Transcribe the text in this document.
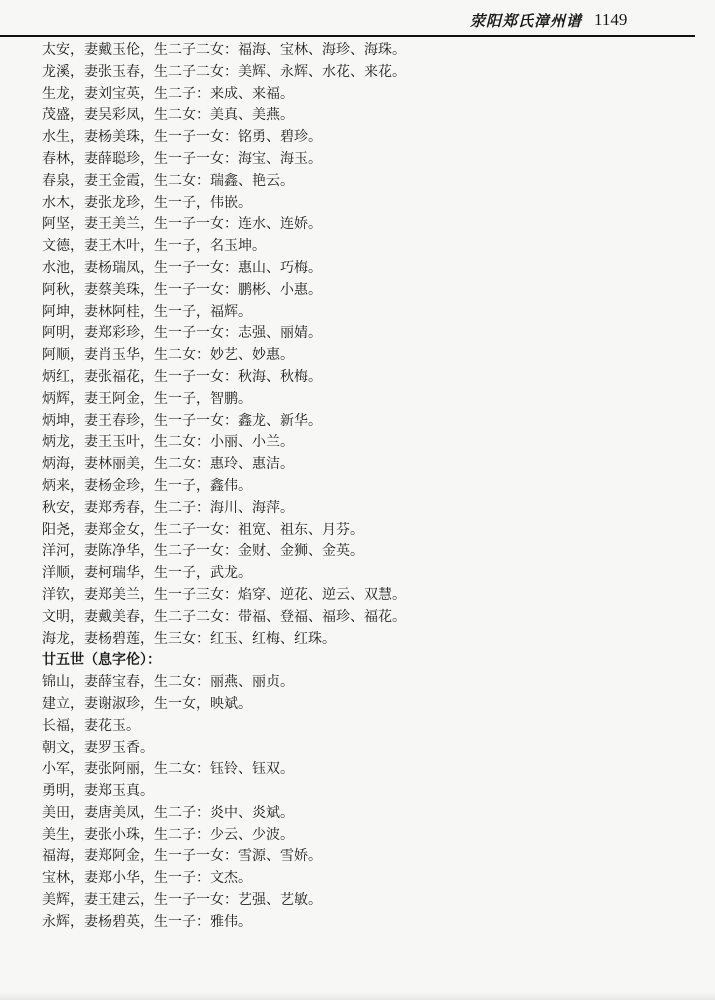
荥阳郑氏漳州谱 1149
太安，妻戴玉伦，生二子二女：福海、宝林、海珍、海珠。
龙溪，妻张玉春，生二子二女：美辉、永辉、水花、来花。
生龙，妻刘宝英，生二子：来成、来福。
茂盛，妻吴彩凤，生二女：美真、美燕。
水生，妻杨美珠，生一子一女：铭勇、碧珍。
春林，妻薛聪珍，生一子一女：海宝、海玉。
春泉，妻王金霞，生二女：瑞鑫、艳云。
水木，妻张龙珍，生一子，伟嵌。
阿坚，妻王美兰，生一子一女：连水、连娇。
文德，妻王木叶，生一子，名玉坤。
水池，妻杨瑞凤，生一子一女：惠山、巧梅。
阿秋，妻蔡美珠，生一子一女：鹏彬、小惠。
阿坤，妻林阿桂，生一子，福辉。
阿明，妻郑彩珍，生一子一女：志强、丽婧。
阿顺，妻肖玉华，生二女：妙艺、妙惠。
炳红，妻张福花，生一子一女：秋海、秋梅。
炳辉，妻王阿金，生一子，智鹏。
炳坤，妻王春珍，生一子一女：鑫龙、新华。
炳龙，妻王玉叶，生二女：小丽、小兰。
炳海，妻林丽美，生二女：惠玲、惠洁。
炳来，妻杨金珍，生一子，鑫伟。
秋安，妻郑秀春，生二子：海川、海萍。
阳尧，妻郑金女，生二子一女：祖宽、祖东、月芬。
洋河，妻陈净华，生二子一女：金财、金狮、金英。
洋顺，妻柯瑞华，生一子，武龙。
洋钦，妻郑美兰，生一子三女：焰穿、逆花、逆云、双慧。
文明，妻戴美春，生二子二女：带福、登福、福珍、福花。
海龙，妻杨碧莲，生三女：红玉、红梅、红珠。
廿五世（息字伦）：
锦山，妻薛宝春，生二女：丽燕、丽贞。
建立，妻谢淑珍，生一女，映斌。
长福，妻花玉。
朝文，妻罗玉香。
小军，妻张阿丽，生二女：钰铃、钰双。
勇明，妻郑玉真。
美田，妻唐美凤，生二子：炎中、炎斌。
美生，妻张小珠，生二子：少云、少波。
福海，妻郑阿金，生一子一女：雪源、雪娇。
宝林，妻郑小华，生一子：文杰。
美辉，妻王建云，生一子一女：艺强、艺敏。
永辉，妻杨碧英，生一子：雅伟。
